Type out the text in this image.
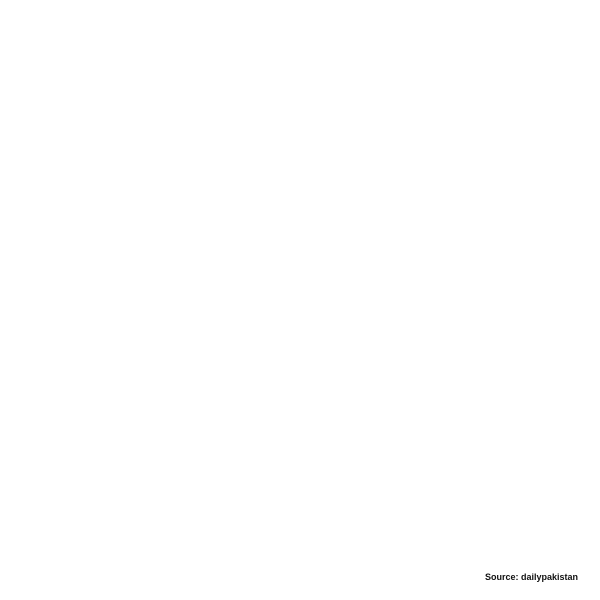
Source: dailypakistan
